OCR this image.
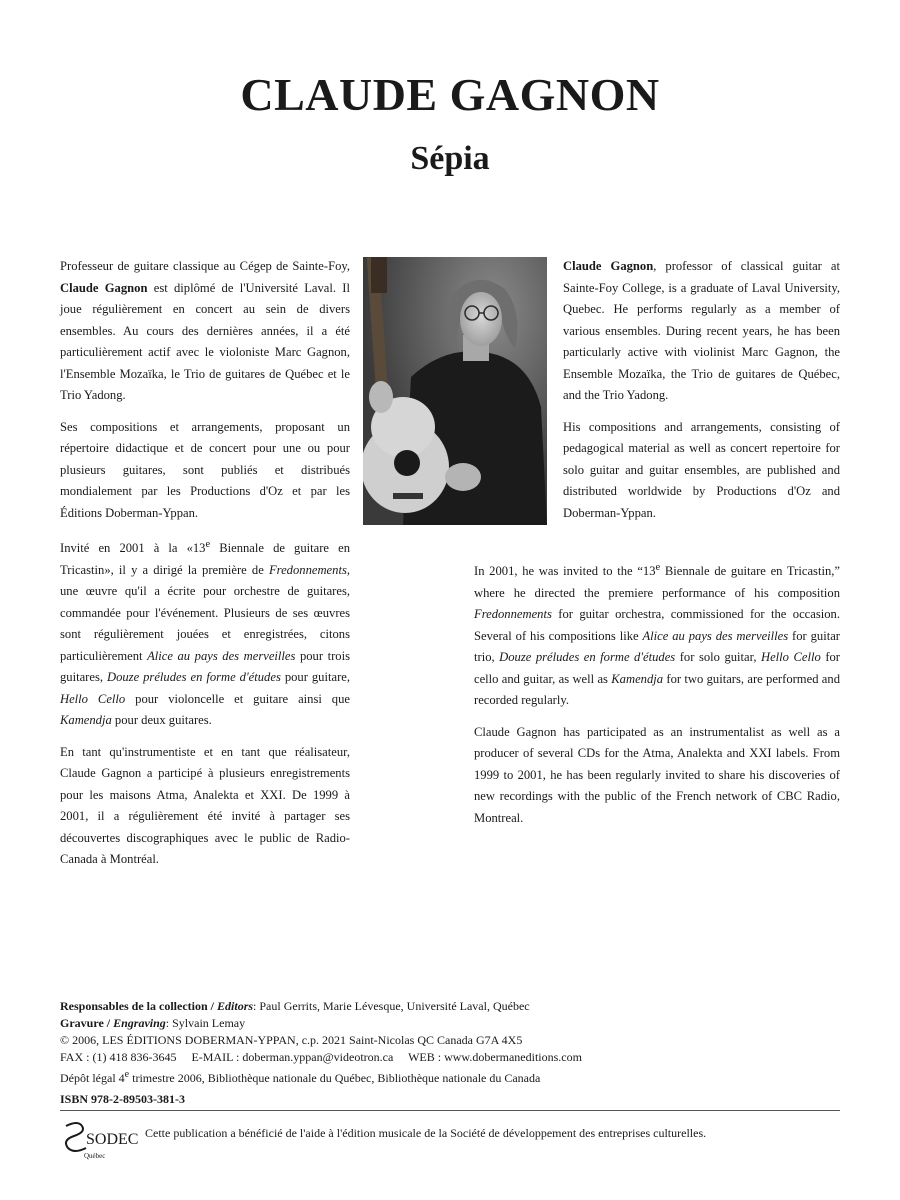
CLAUDE GAGNON
Sépia

Professeur de guitare classique au Cégep de Sainte-Foy, Claude Gagnon est diplômé de l'Université Laval. Il joue régulièrement en concert au sein de divers ensembles. Au cours des dernières années, il a été particulièrement actif avec le violoniste Marc Gagnon, l'Ensemble Mozaïka, le Trio de guitares de Québec et le Trio Yadong.

Ses compositions et arrangements, proposant un répertoire didactique et de concert pour une ou pour plusieurs guitares, sont publiés et distribués mondialement par les Productions d'Oz et par les Éditions Doberman-Yppan.

Invité en 2001 à la «13e Biennale de guitare en Tricastin», il y a dirigé la première de Fredonnements, une œuvre qu'il a écrite pour orchestre de guitares, commandée pour l'événement. Plusieurs de ses œuvres sont régulièrement jouées et enregistrées, citons particulièrement Alice au pays des merveilles pour trois guitares, Douze préludes en forme d'études pour guitare, Hello Cello pour violoncelle et guitare ainsi que Kamendja pour deux guitares.

En tant qu'instrumentiste et en tant que réalisateur, Claude Gagnon a participé à plusieurs enregistrements pour les maisons Atma, Analekta et XXI. De 1999 à 2001, il a régulièrement été invité à partager ses découvertes discographiques avec le public de Radio-Canada à Montréal.

Claude Gagnon, professor of classical guitar at Sainte-Foy College, is a graduate of Laval University, Quebec. He performs regularly as a member of various ensembles. During recent years, he has been particularly active with violinist Marc Gagnon, the Ensemble Mozaïka, the Trio de guitares de Québec, and the Trio Yadong.

His compositions and arrangements, consisting of pedagogical material as well as concert repertoire for solo guitar and guitar ensembles, are published and distributed worldwide by Productions d'Oz and Doberman-Yppan.

In 2001, he was invited to the “13e Biennale de guitare en Tricastin,” where he directed the premiere performance of his composition Fredonnements for guitar orchestra, commissioned for the occasion. Several of his compositions like Alice au pays des merveilles for guitar trio, Douze préludes en forme d'études for solo guitar, Hello Cello for cello and guitar, as well as Kamendja for two guitars, are performed and recorded regularly.

Claude Gagnon has participated as an instrumentalist as well as a producer of several CDs for the Atma, Analekta and XXI labels. From 1999 to 2001, he has been regularly invited to share his discoveries of new recordings with the public of the French network of CBC Radio, Montreal.

Responsables de la collection / Editors: Paul Gerrits, Marie Lévesque, Université Laval, Québec
Gravure / Engraving: Sylvain Lemay
© 2006, LES ÉDITIONS DOBERMAN-YPPAN, c.p. 2021 Saint-Nicolas QC Canada G7A 4X5
FAX : (1) 418 836-3645     E-MAIL : doberman.yppan@videotron.ca     WEB : www.dobermaneditions.com
Dépôt légal 4e trimestre 2006, Bibliothèque nationale du Québec, Bibliothèque nationale du Canada
ISBN 978-2-89503-381-3
SODEC
Québec
Cette publication a bénéficié de l'aide à l'édition musicale de la Société de développement des entreprises culturelles.
